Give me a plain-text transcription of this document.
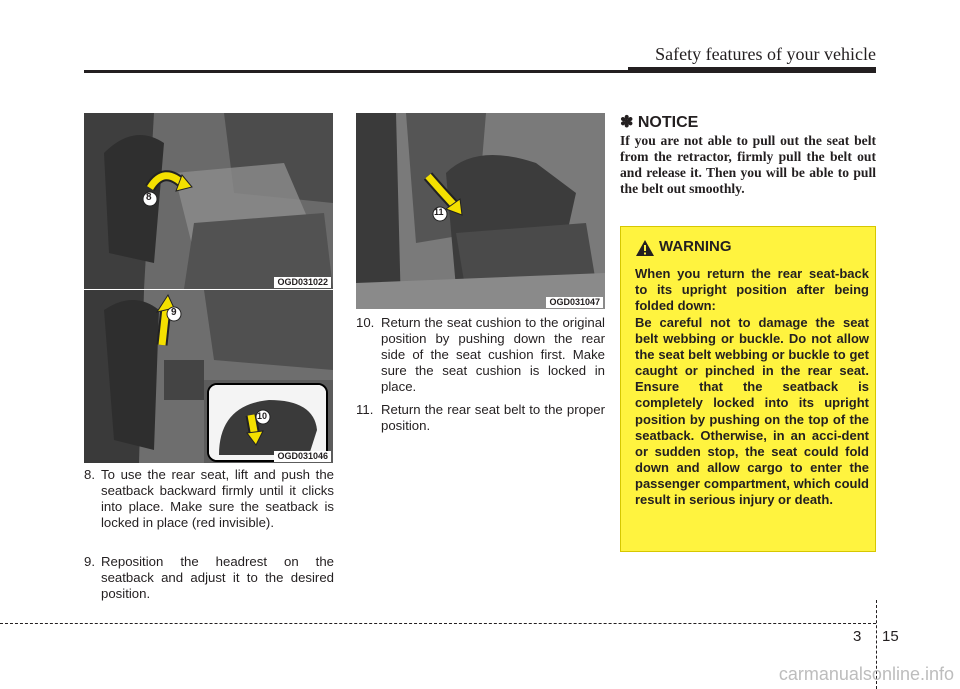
Safety features of your vehicle
8
OGD031022
9
10
OGD031046
11
OGD031047
8. To use the rear seat, lift and push the seatback backward firmly until it clicks into place. Make sure the seatback is locked in place (red invisible).
9. Reposition the headrest on the seatback and adjust it to the desired position.
10. Return the seat cushion to the original position by pushing down the rear side of the seat cushion first. Make sure the seat cushion is locked in place.
11. Return the rear seat belt to the proper position.
✽ NOTICE
If you are not able to pull out the seat belt from the retractor, firmly pull the belt out and release it. Then you will be able to pull the belt out smoothly.
WARNING
When you return the rear seat-back to its upright position after being folded down:
Be careful not to damage the seat belt webbing or buckle. Do not allow the seat belt webbing or buckle to get caught or pinched in the rear seat. Ensure that the seatback is completely locked into its upright position by pushing on the top of the seatback. Otherwise, in an acci-dent or sudden stop, the seat could fold down and allow cargo to enter the passenger compartment, which could result in serious injury or death.
3 15
carmanualsonline.info
